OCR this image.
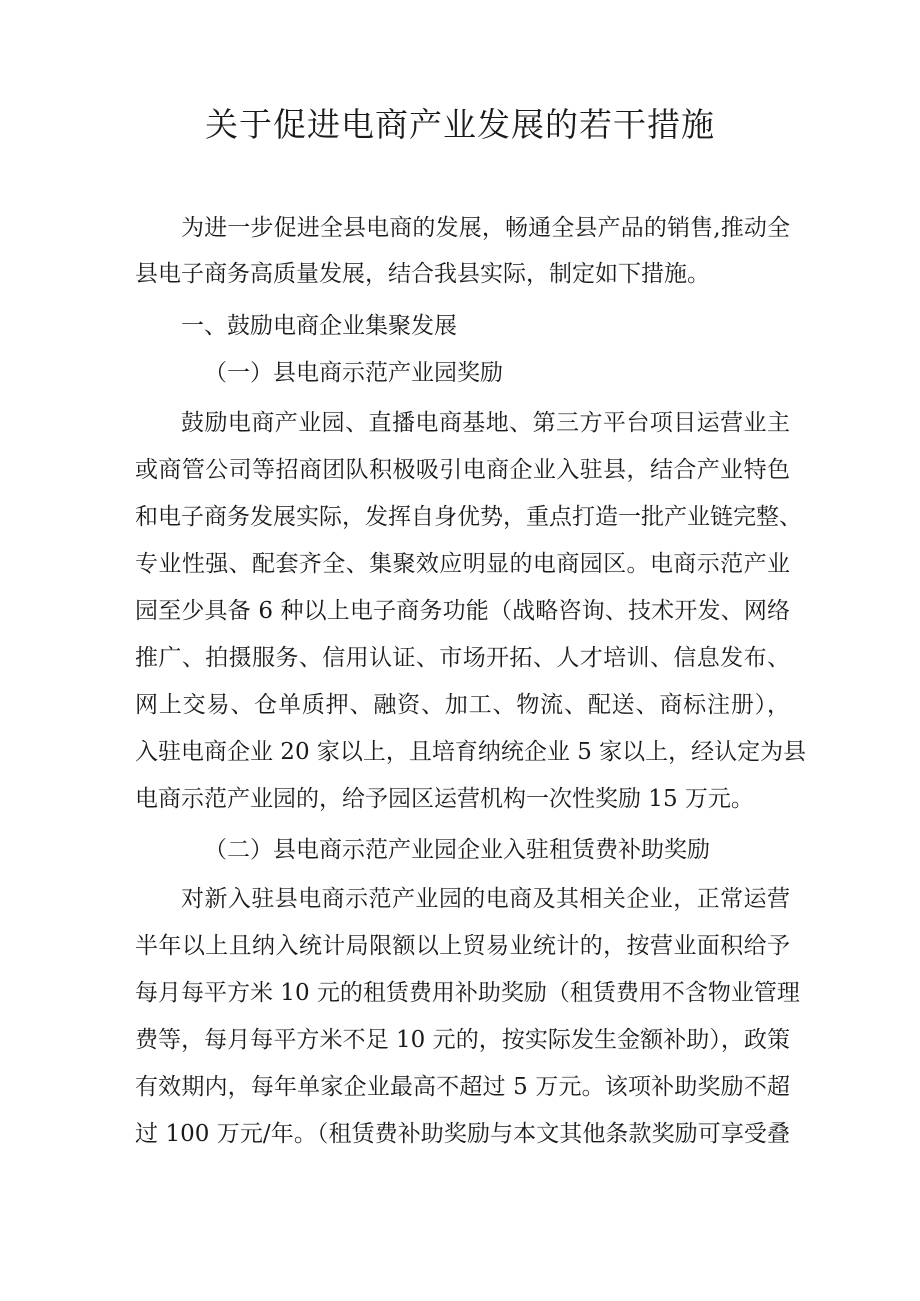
关于促进电商产业发展的若干措施

为进一步促进全县电商的发展，畅通全县产品的销售,推动全

县电子商务高质量发展，结合我县实际，制定如下措施。

一、鼓励电商企业集聚发展

（一）县电商示范产业园奖励

鼓励电商产业园、直播电商基地、第三方平台项目运营业主

或商管公司等招商团队积极吸引电商企业入驻县，结合产业特色

和电子商务发展实际，发挥自身优势，重点打造一批产业链完整、

专业性强、配套齐全、集聚效应明显的电商园区。电商示范产业

园至少具备 6 种以上电子商务功能（战略咨询、技术开发、网络

推广、拍摄服务、信用认证、市场开拓、人才培训、信息发布、

网上交易、仓单质押、融资、加工、物流、配送、商标注册），

入驻电商企业 20 家以上，且培育纳统企业 5 家以上，经认定为县

电商示范产业园的，给予园区运营机构一次性奖励 15 万元。

（二）县电商示范产业园企业入驻租赁费补助奖励

对新入驻县电商示范产业园的电商及其相关企业，正常运营

半年以上且纳入统计局限额以上贸易业统计的，按营业面积给予

每月每平方米 10 元的租赁费用补助奖励（租赁费用不含物业管理

费等，每月每平方米不足 10 元的，按实际发生金额补助），政策

有效期内，每年单家企业最高不超过 5 万元。该项补助奖励不超

过 100 万元/年。（租赁费补助奖励与本文其他条款奖励可享受叠
